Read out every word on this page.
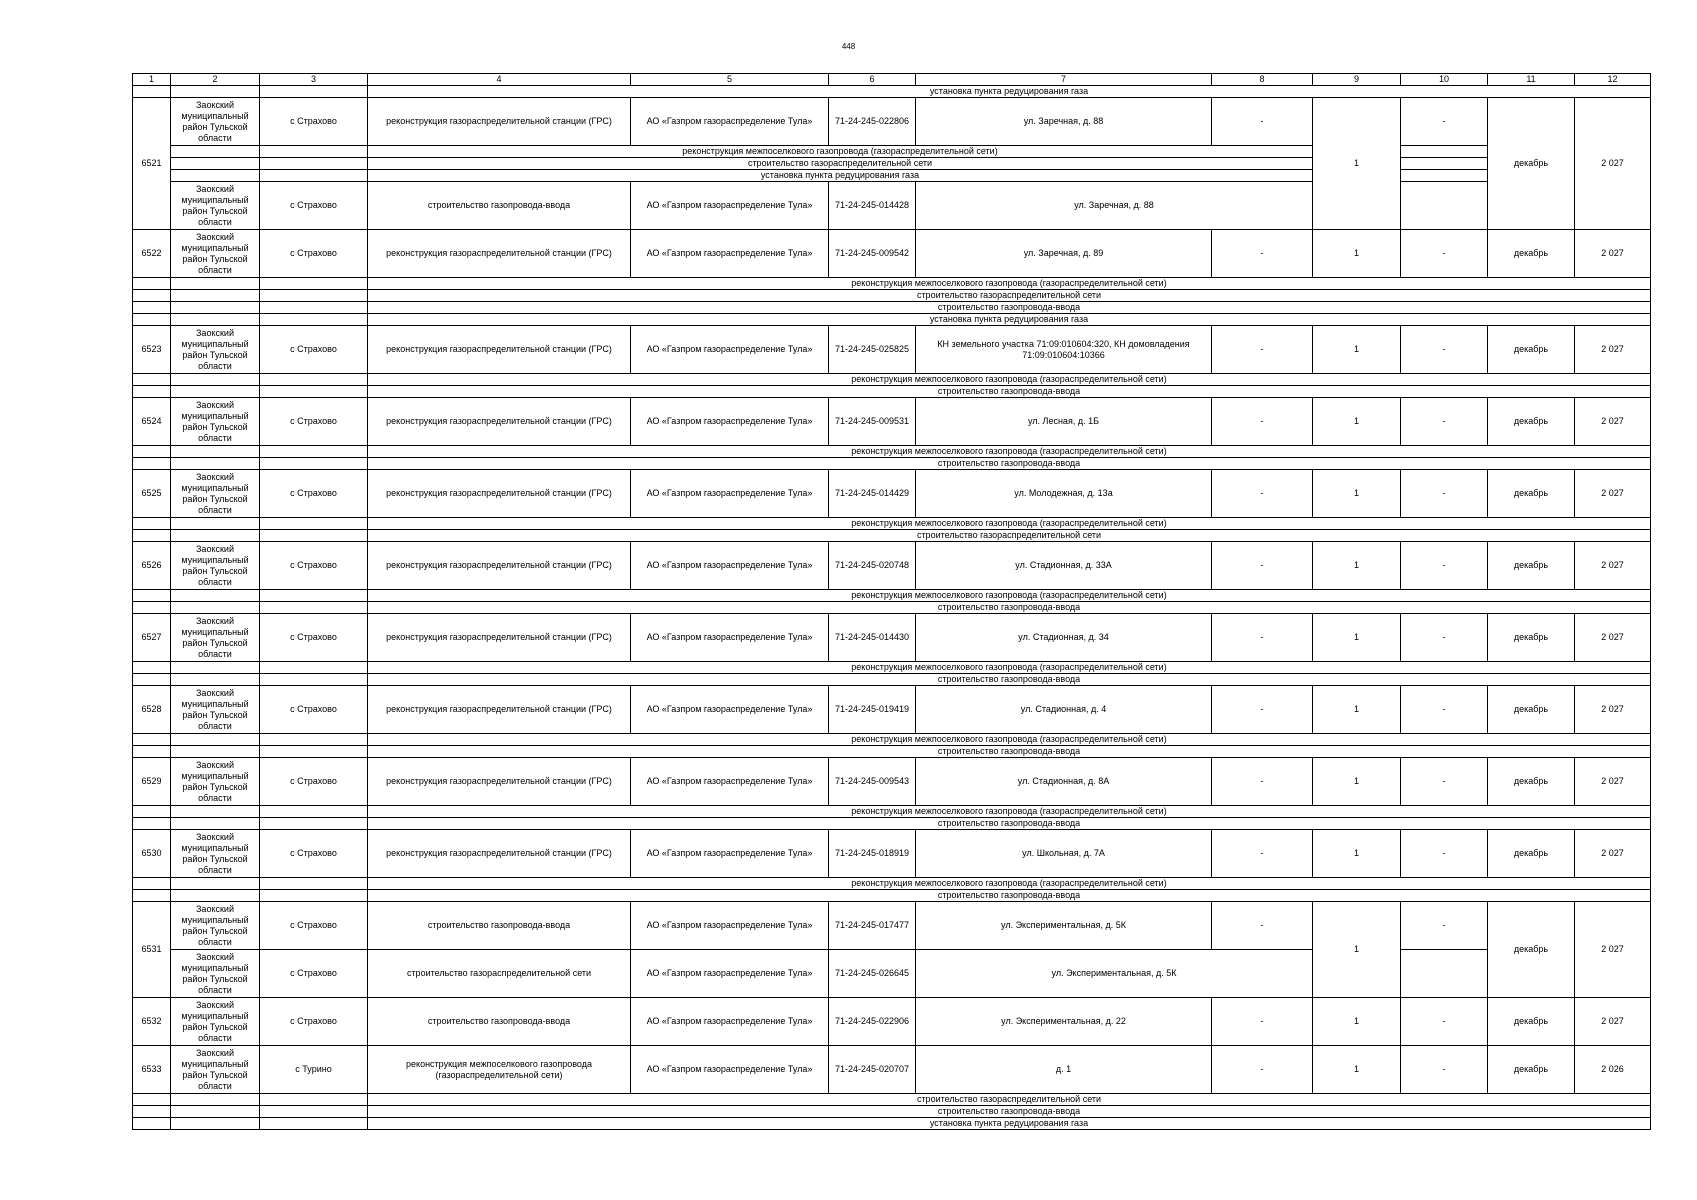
448
1	2	3	4	5	6	7	8	9	10	11	12
			установка пункта редуцирования газа								
6521	Заокский муниципальный район Тульской области	с Страхово	реконструкция газораспределительной станции (ГРС)	АО «Газпром газораспределение Тула»	71-24-245-022806	ул. Заречная, д. 88	-	1	-	декабрь	2 027
			реконструкция межпоселкового газопровода (газораспределительной сети)								
			строительство газораспределительной сети								
			установка пункта редуцирования газа								
	Заокский муниципальный район Тульской области	с Страхово	строительство газопровода-ввода	АО «Газпром газораспределение Тула»	71-24-245-014428	ул. Заречная, д. 88					
6522	Заокский муниципальный район Тульской области	с Страхово	реконструкция газораспределительной станции (ГРС)	АО «Газпром газораспределение Тула»	71-24-245-009542	ул. Заречная, д. 89	-	1	-	декабрь	2 027
			реконструкция межпоселкового газопровода (газораспределительной сети)								
			строительство газораспределительной сети								
			строительство газопровода-ввода								
			установка пункта редуцирования газа								
6523	Заокский муниципальный район Тульской области	с Страхово	реконструкция газораспределительной станции (ГРС)	АО «Газпром газораспределение Тула»	71-24-245-025825	КН земельного участка 71:09:010604:320, КН домовладения 71:09:010604:10366	-	1	-	декабрь	2 027
			реконструкция межпоселкового газопровода (газораспределительной сети)								
			строительство газопровода-ввода								
6524	Заокский муниципальный район Тульской области	с Страхово	реконструкция газораспределительной станции (ГРС)	АО «Газпром газораспределение Тула»	71-24-245-009531	ул. Лесная, д. 1Б	-	1	-	декабрь	2 027
			реконструкция межпоселкового газопровода (газораспределительной сети)								
			строительство газопровода-ввода								
6525	Заокский муниципальный район Тульской области	с Страхово	реконструкция газораспределительной станции (ГРС)	АО «Газпром газораспределение Тула»	71-24-245-014429	ул. Молодежная, д. 13а	-	1	-	декабрь	2 027
			реконструкция межпоселкового газопровода (газораспределительной сети)								
			строительство газораспределительной сети								
6526	Заокский муниципальный район Тульской области	с Страхово	реконструкция газораспределительной станции (ГРС)	АО «Газпром газораспределение Тула»	71-24-245-020748	ул. Стадионная, д. 33А	-	1	-	декабрь	2 027
			реконструкция межпоселкового газопровода (газораспределительной сети)								
			строительство газопровода-ввода								
6527	Заокский муниципальный район Тульской области	с Страхово	реконструкция газораспределительной станции (ГРС)	АО «Газпром газораспределение Тула»	71-24-245-014430	ул. Стадионная, д. 34	-	1	-	декабрь	2 027
			реконструкция межпоселкового газопровода (газораспределительной сети)								
			строительство газопровода-ввода								
6528	Заокский муниципальный район Тульской области	с Страхово	реконструкция газораспределительной станции (ГРС)	АО «Газпром газораспределение Тула»	71-24-245-019419	ул. Стадионная, д. 4	-	1	-	декабрь	2 027
			реконструкция межпоселкового газопровода (газораспределительной сети)								
			строительство газопровода-ввода								
6529	Заокский муниципальный район Тульской области	с Страхово	реконструкция газораспределительной станции (ГРС)	АО «Газпром газораспределение Тула»	71-24-245-009543	ул. Стадионная, д. 8А	-	1	-	декабрь	2 027
			реконструкция межпоселкового газопровода (газораспределительной сети)								
			строительство газопровода-ввода								
6530	Заокский муниципальный район Тульской области	с Страхово	реконструкция газораспределительной станции (ГРС)	АО «Газпром газораспределение Тула»	71-24-245-018919	ул. Школьная, д. 7А	-	1	-	декабрь	2 027
			реконструкция межпоселкового газопровода (газораспределительной сети)								
			строительство газопровода-ввода								
6531	Заокский муниципальный район Тульской области	с Страхово	строительство газопровода-ввода	АО «Газпром газораспределение Тула»	71-24-245-017477	ул. Экспериментальная, д. 5К	-	1	-	декабрь	2 027
	Заокский муниципальный район Тульской области	с Страхово	строительство газораспределительной сети	АО «Газпром газораспределение Тула»	71-24-245-026645	ул. Экспериментальная, д. 5К					
6532	Заокский муниципальный район Тульской области	с Страхово	строительство газопровода-ввода	АО «Газпром газораспределение Тула»	71-24-245-022906	ул. Экспериментальная, д. 22	-	1	-	декабрь	2 027
6533	Заокский муниципальный район Тульской области	с Турино	реконструкция межпоселкового газопровода (газораспределительной сети)	АО «Газпром газораспределение Тула»	71-24-245-020707	д. 1	-	1	-	декабрь	2 026
			строительство газораспределительной сети								
			строительство газопровода-ввода								
			установка пункта редуцирования газа								
